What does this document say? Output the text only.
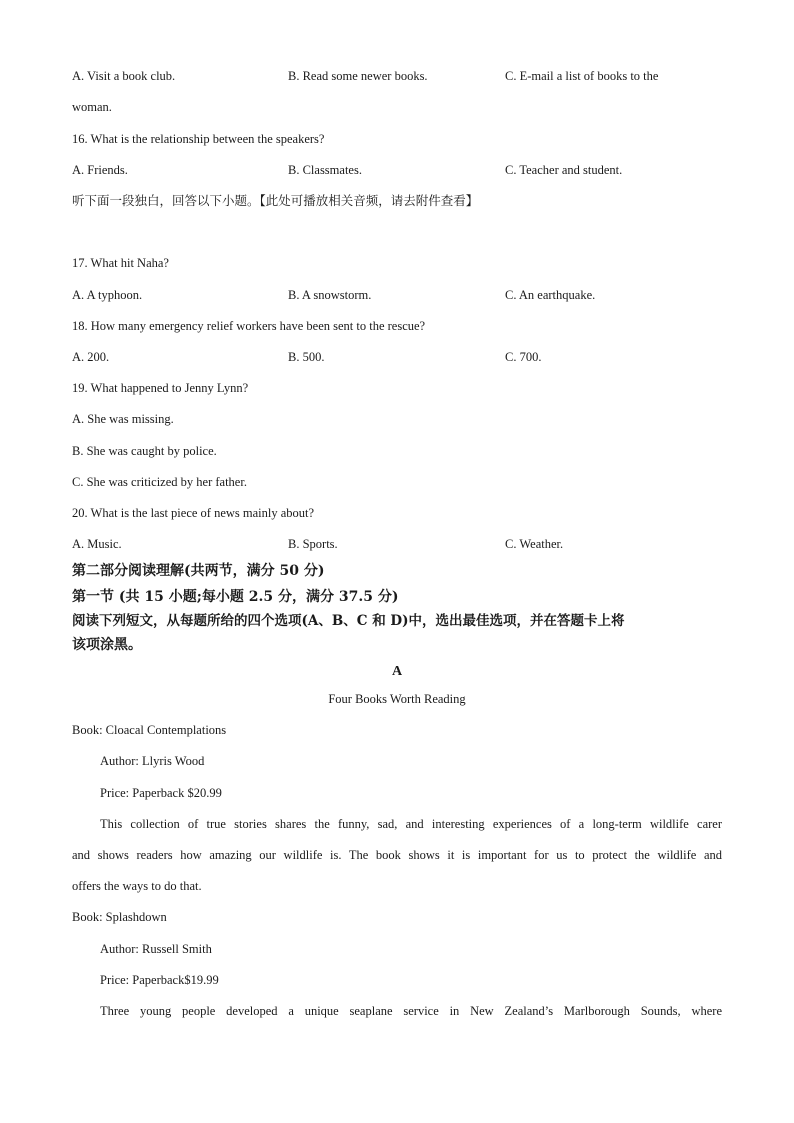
A. Visit a book club.	B. Read some newer books.	C. E-mail a list of books to the
woman.
16. What is the relationship between the speakers?
A. Friends.	B. Classmates.	C. Teacher and student.
听下面一段独白，回答以下小题。【此处可播放相关音频，请去附件查看】
17. What hit Naha?
A. A typhoon.	B. A snowstorm.	C. An earthquake.
18. How many emergency relief workers have been sent to the rescue?
A. 200.	B. 500.	C. 700.
19. What happened to Jenny Lynn?
A. She was missing.
B. She was caught by police.
C. She was criticized by her father.
20. What is the last piece of news mainly about?
A. Music.	B. Sports.	C. Weather.
第二部分阅读理解(共两节，满分 50 分)
第一节 (共 15 小题;每小题 2.5 分，满分 37.5 分)
阅读下列短文，从每题所给的四个选项(A、B、C 和 D)中，选出最佳选项，并在答题卡上将
该项涂黑。
A
Four Books Worth Reading
Book: Cloacal Contemplations
Author: Llyris Wood
Price: Paperback $20.99
This collection of true stories shares the funny, sad, and interesting experiences of a long-term wildlife carer
and shows readers how amazing our wildlife is. The book shows it is important for us to protect the wildlife and
offers the ways to do that.
Book: Splashdown
Author: Russell Smith
Price: Paperback$19.99
Three young people developed a unique seaplane service in New Zealand’s Marlborough Sounds, where
